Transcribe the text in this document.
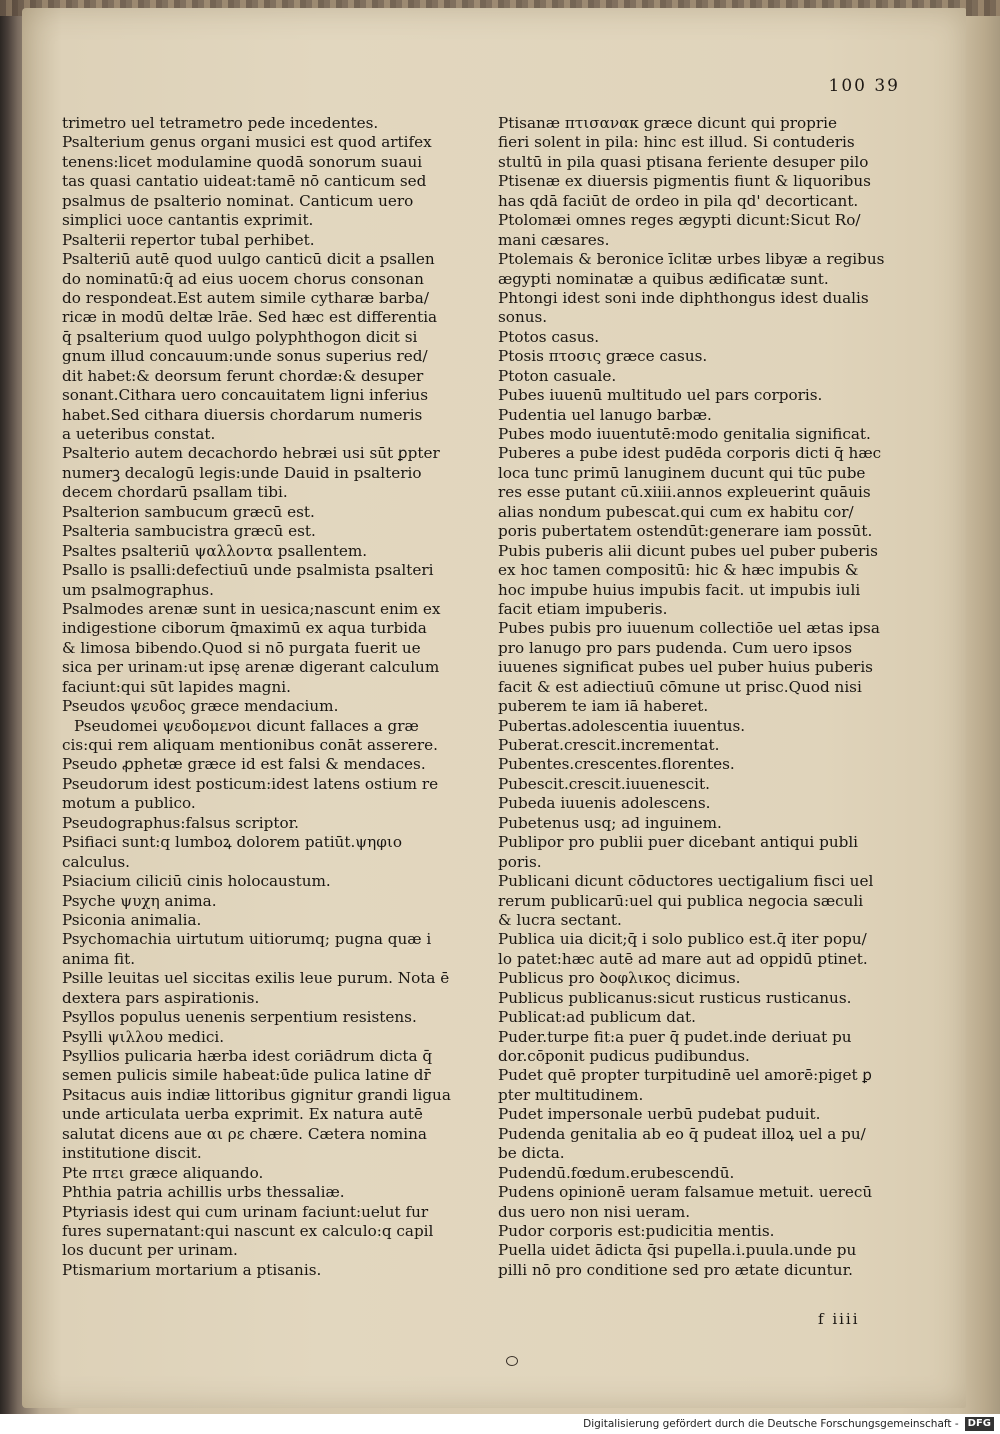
100 39
trimetro uel tetrametro pede incedentes.
Psalterium genus organi musici est quod artifex
tenens:licet modulamine quodā sonorum suaui
tas quasi cantatio uideat:tamē nō canticum sed
psalmus de psalterio nominat. Canticum uero
simplici uoce cantantis exprimit.
Psalterii repertor tubal perhibet.
Psalteriū autē quod uulgo canticū dicit a psallen
do nominatū:q̄ ad eius uocem chorus consonan
do respondeat.Est autem simile cytharæ barba/
ricæ in modū deltæ lrāe. Sed hæc est differentia
q̄ psalterium quod uulgo polyphthogon dicit si
gnum illud concauum:unde sonus superius red/
dit habet:& deorsum ferunt chordæ:& desuper
sonant.Cithara uero concauitatem ligni inferius
habet.Sed cithara diuersis chordarum numeris
a ueteribus constat.
Psalterio autem decachordo hebræi usi sūt ꝑpter
numerꝫ decalogū legis:unde Dauid in psalterio
decem chordarū psallam tibi.
Psalterion sambucum græcū est.
Psalteria sambucistra græcū est.
Psaltes psalteriū ψαλλοντα psallentem.
Psallo is psalli:defectiuū unde psalmista psalteri
um psalmographus.
Psalmodes arenæ sunt in uesica;nascunt enim ex
indigestione ciborum q̄maximū ex aqua turbida
& limosa bibendo.Quod si nō purgata fuerit ue
sica per urinam:ut ipsę arenæ digerant calculum
faciunt:qui sūt lapides magni.
Pseudos ψευδος græce mendacium.
Pseudomei ψευδομενοι dicunt fallaces a græ
cis:qui rem aliquam mentionibus conāt asserere.
Pseudo ꝓphetæ græce id est falsi & mendaces.
Pseudorum idest posticum:idest latens ostium re
motum a publico.
Pseudographus:falsus scriptor.
Psifiaci sunt:q lumboꝝ dolorem patiūt.ψηφιο
calculus.
Psiacium ciliciū cinis holocaustum.
Psyche ψυχη anima.
Psiconia animalia.
Psychomachia uirtutum uitiorumq; pugna quæ i
anima fit.
Psille leuitas uel siccitas exilis leue purum. Nota ē
dextera pars aspirationis.
Psyllos populus uenenis serpentium resistens.
Psylli ψιλλου medici.
Psyllios pulicaria hærba idest coriādrum dicta q̄
semen pulicis simile habeat:ūde pulica latine dr̄
Psitacus auis indiæ littoribus gignitur grandi ligua
unde articulata uerba exprimit. Ex natura autē
salutat dicens aue αι ρε chære. Cætera nomina
institutione discit.
Pte πτει græce aliquando.
Phthia patria achillis urbs thessaliæ.
Ptyriasis idest qui cum urinam faciunt:uelut fur
fures supernatant:qui nascunt ex calculo:q capil
los ducunt per urinam.
Ptismarium mortarium a ptisanis.
Ptisanæ πτισανακ græce dicunt qui proprie
fieri solent in pila: hinc est illud. Si contuderis
stultū in pila quasi ptisana feriente desuper pilo
Ptisenæ ex diuersis pigmentis fiunt & liquoribus
has qdā faciūt de ordeo in pila qd' decorticant.
Ptolomæi omnes reges ægypti dicunt:Sicut Ro/
mani cæsares.
Ptolemais & beronice īclitæ urbes libyæ a regibus
ægypti nominatæ a quibus ædificatæ sunt.
Phtongi idest soni inde diphthongus idest dualis
sonus.
Ptotos casus.
Ptosis πτοσις græce casus.
Ptoton casuale.
Pubes iuuenū multitudo uel pars corporis.
Pudentia uel lanugo barbæ.
Pubes modo iuuentutē:modo genitalia significat.
Puberes a pube idest pudēda corporis dicti q̄ hæc
loca tunc primū lanuginem ducunt qui tūc pube
res esse putant cū.xiiii.annos expleuerint quāuis
alias nondum pubescat.qui cum ex habitu cor/
poris pubertatem ostendūt:generare iam possūt.
Pubis puberis alii dicunt pubes uel puber puberis
ex hoc tamen compositū: hic & hæc impubis &
hoc impube huius impubis facit. ut impubis iuli
facit etiam impuberis.
Pubes pubis pro iuuenum collectiōe uel ætas ipsa
pro lanugo pro pars pudenda. Cum uero ipsos
iuuenes significat pubes uel puber huius puberis
facit & est adiectiuū cōmune ut prisc.Quod nisi
puberem te iam iā haberet.
Pubertas.adolescentia iuuentus.
Puberat.crescit.incrementat.
Pubentes.crescentes.florentes.
Pubescit.crescit.iuuenescit.
Pubeda iuuenis adolescens.
Pubetenus usq; ad inguinem.
Publipor pro publii puer dicebant antiqui publi
poris.
Publicani dicunt cōductores uectigalium fisci uel
rerum publicarū:uel qui publica negocia sæculi
& lucra sectant.
Publica uia dicit;q̄ i solo publico est.q̄ iter popu/
lo patet:hæc autē ad mare aut ad oppidū ptinet.
Publicus pro ꝺοφλικος dicimus.
Publicus publicanus:sicut rusticus rusticanus.
Publicat:ad publicum dat.
Puder.turpe fit:a puer q̄ pudet.inde deriuat pu
dor.cōponit pudicus pudibundus.
Pudet quē propter turpitudinē uel amorē:piget ꝑ
pter multitudinem.
Pudet impersonale uerbū pudebat puduit.
Pudenda genitalia ab eo q̄ pudeat illoꝝ uel a pu/
be dicta.
Pudendū.fœdum.erubescendū.
Pudens opinionē ueram falsamue metuit. uerecū
dus uero non nisi ueram.
Pudor corporis est:pudicitia mentis.
Puella uidet ādicta q̄si pupella.i.puula.unde pu
pilli nō pro conditione sed pro ætate dicuntur.
f iiii
Digitalisierung gefördert durch die Deutsche Forschungsgemeinschaft - DFG
